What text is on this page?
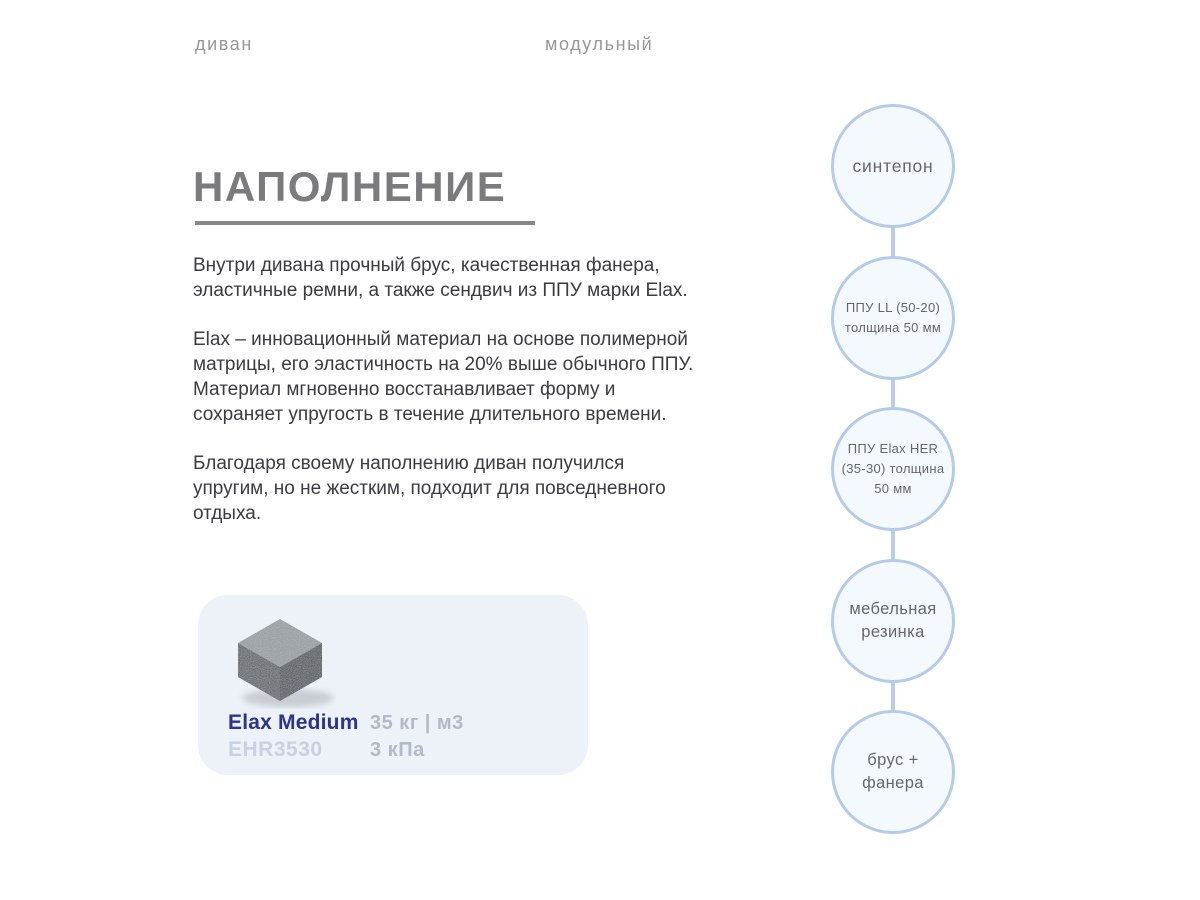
диван	модульный
НАПОЛНЕНИЕ

Внутри дивана прочный брус, качественная фанера, эластичные ремни, а также сендвич из ППУ марки Elax.

Elax – инновационный материал на основе полимерной матрицы, его эластичность на 20% выше обычного ППУ. Материал мгновенно восстанавливает форму и сохраняет упругость в течение длительного времени.

Благодаря своему наполнению диван получился упругим, но не жестким, подходит для повседневного отдыха.

Elax Medium
EHR3530
35 кг | м3
3 кПа
синтепон
ППУ LL (50‑20) толщина 50 мм
ППУ Elax HER (35‑30) толщина 50 мм
мебельная резинка
брус + фанера
